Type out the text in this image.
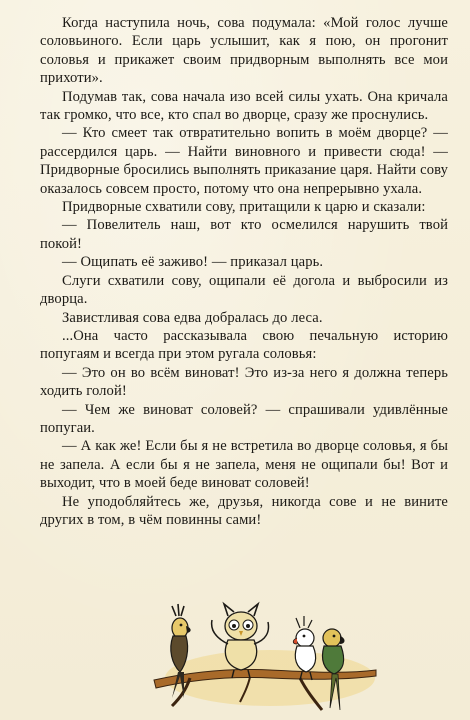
Когда наступила ночь, сова подумала: «Мой голос лучше соловьиного. Если царь услышит, как я пою, он прогонит соловья и прикажет своим придворным выполнять все мои прихоти».

Подумав так, сова начала изо всей силы ухать. Она кричала так громко, что все, кто спал во дворце, сразу же проснулись.

— Кто смеет так отвратительно вопить в моём дворце? — рассердился царь. — Найти виновного и привести сюда! — Придворные бросились выполнять приказание царя. Найти сову оказалось совсем просто, потому что она непрерывно ухала.

Придворные схватили сову, притащили к царю и сказали:

— Повелитель наш, вот кто осмелился нарушить твой покой!

— Ощипать её заживо! — приказал царь.

Слуги схватили сову, ощипали её догола и выбросили из дворца.

Завистливая сова едва добралась до леса.

...Она часто рассказывала свою печальную историю попугаям и всегда при этом ругала соловья:

— Это он во всём виноват! Это из-за него я должна теперь ходить голой!

— Чем же виноват соловей? — спрашивали удивлённые попугаи.

— А как же! Если бы я не встретила во дворце соловья, я бы не запела. А если бы я не запела, меня не ощипали бы! Вот и выходит, что в моей беде виноват соловей!

Не уподобляйтесь же, друзья, никогда сове и не вините других в том, в чём повинны сами!
